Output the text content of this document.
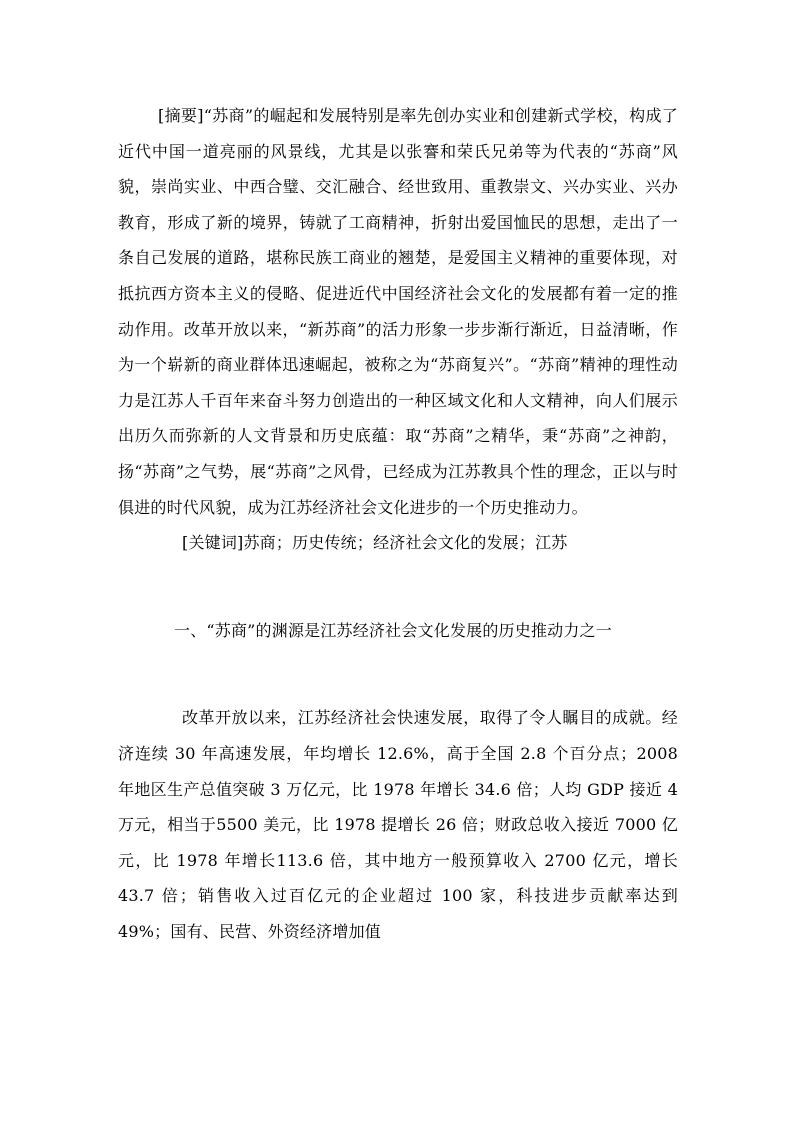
[摘要]“苏商”的崛起和发展特别是率先创办实业和创建新式学校，构成了近代中国一道亮丽的风景线，尤其是以张謇和荣氏兄弟等为代表的“苏商”风貌，崇尚实业、中西合璧、交汇融合、经世致用、重教崇文、兴办实业、兴办教育，形成了新的境界，铸就了工商精神，折射出爱国恤民的思想，走出了一条自己发展的道路，堪称民族工商业的翘楚，是爱国主义精神的重要体现，对抵抗西方资本主义的侵略、促进近代中国经济社会文化的发展都有着一定的推动作用。改革开放以来，“新苏商”的活力形象一步步渐行渐近，日益清晰，作为一个崭新的商业群体迅速崛起，被称之为“苏商复兴”。“苏商”精神的理性动力是江苏人千百年来奋斗努力创造出的一种区域文化和人文精神，向人们展示出历久而弥新的人文背景和历史底蕴：取“苏商”之精华，秉“苏商”之神韵，扬“苏商”之气势，展“苏商”之风骨，已经成为江苏教具个性的理念，正以与时俱进的时代风貌，成为江苏经济社会文化进步的一个历史推动力。

[关键词]苏商；历史传统；经济社会文化的发展；江苏

一、“苏商”的渊源是江苏经济社会文化发展的历史推动力之一

改革开放以来，江苏经济社会快速发展，取得了令人瞩目的成就。经济连续 30 年高速发展，年均增长 12.6%，高于全国 2.8 个百分点；2008 年地区生产总值突破 3 万亿元，比 1978 年增长 34.6 倍；人均 GDP 接近 4 万元，相当于5500 美元，比 1978 提增长 26 倍；财政总收入接近 7000 亿元，比 1978 年增长113.6 倍，其中地方一般预算收入 2700 亿元，增长 43.7 倍；销售收入过百亿元的企业超过 100 家，科技进步贡献率达到 49%；国有、民营、外资经济增加值
